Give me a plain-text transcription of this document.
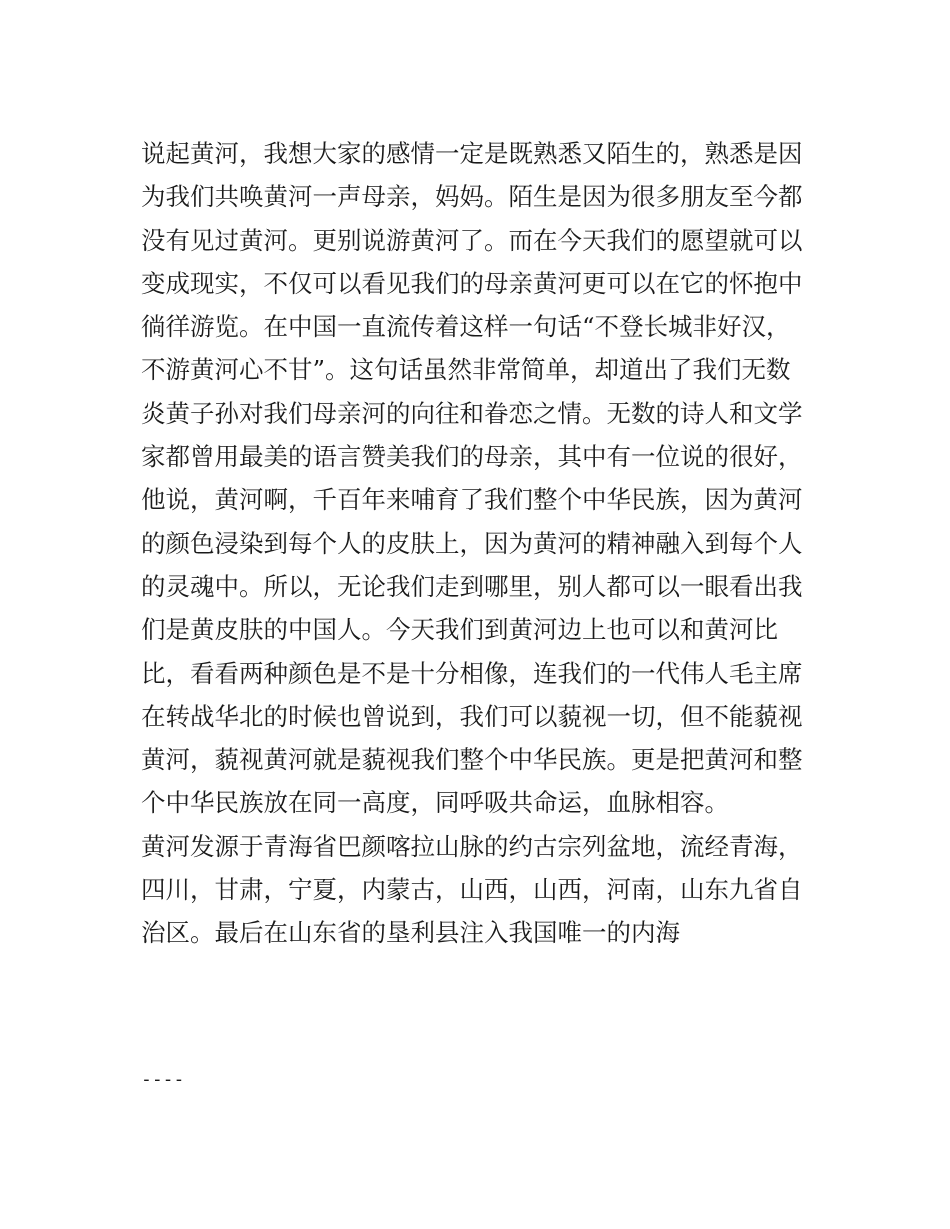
说起黄河，我想大家的感情一定是既熟悉又陌生的，熟悉是因
为我们共唤黄河一声母亲，妈妈。陌生是因为很多朋友至今都
没有见过黄河。更别说游黄河了。而在今天我们的愿望就可以
变成现实，不仅可以看见我们的母亲黄河更可以在它的怀抱中
徜徉游览。在中国一直流传着这样一句话“不登长城非好汉，
不游黄河心不甘”。这句话虽然非常简单，却道出了我们无数
炎黄子孙对我们母亲河的向往和眷恋之情。无数的诗人和文学
家都曾用最美的语言赞美我们的母亲，其中有一位说的很好，
他说，黄河啊，千百年来哺育了我们整个中华民族，因为黄河
的颜色浸染到每个人的皮肤上，因为黄河的精神融入到每个人
的灵魂中。所以，无论我们走到哪里，别人都可以一眼看出我
们是黄皮肤的中国人。今天我们到黄河边上也可以和黄河比
比，看看两种颜色是不是十分相像，连我们的一代伟人毛主席
在转战华北的时候也曾说到，我们可以藐视一切，但不能藐视
黄河，藐视黄河就是藐视我们整个中华民族。更是把黄河和整
个中华民族放在同一高度，同呼吸共命运，血脉相容。
黄河发源于青海省巴颜喀拉山脉的约古宗列盆地，流经青海，
四川，甘肃，宁夏，内蒙古，山西，山西，河南，山东九省自
治区。最后在山东省的垦利县注入我国唯一的内海
----
